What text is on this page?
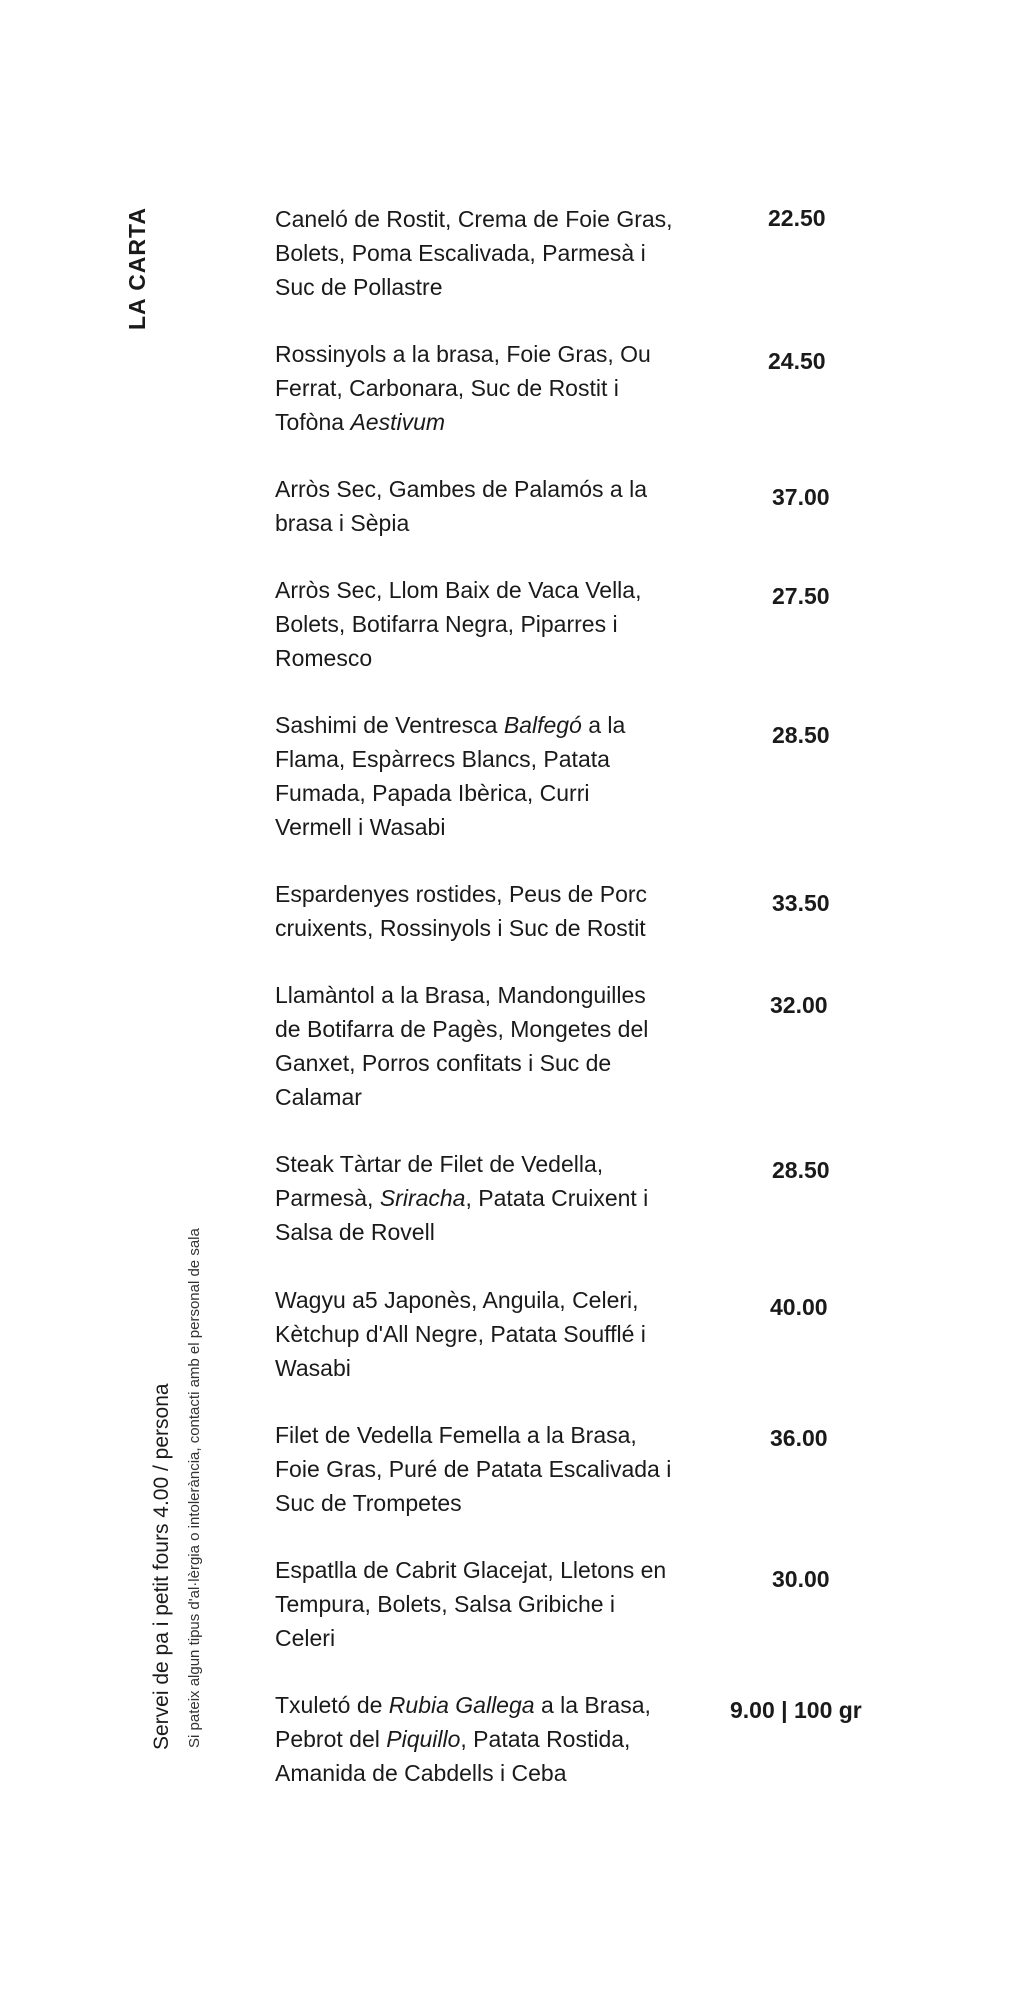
LA CARTA
Servei de pa i petit fours 4.00 / persona Si pateix algun tipus d'al·lèrgia o intolerància, contacti amb el personal de sala
Caneló de Rostit, Crema de Foie Gras,
Bolets, Poma Escalivada, Parmesà i
Suc de Pollastre
22.50
Rossinyols a la brasa, Foie Gras, Ou
Ferrat, Carbonara, Suc de Rostit i
Tofòna Aestivum
24.50
Arròs Sec, Gambes de Palamós a la
brasa i Sèpia
37.00
Arròs Sec, Llom Baix de Vaca Vella,
Bolets, Botifarra Negra, Piparres i
Romesco
27.50
Sashimi de Ventresca Balfegó a la
Flama, Espàrrecs Blancs, Patata
Fumada, Papada Ibèrica, Curri
Vermell i Wasabi
28.50
Espardenyes rostides, Peus de Porc
cruixents, Rossinyols i Suc de Rostit
33.50
Llamàntol a la Brasa, Mandonguilles
de Botifarra de Pagès, Mongetes del
Ganxet, Porros confitats i Suc de
Calamar
32.00
Steak Tàrtar de Filet de Vedella,
Parmesà, Sriracha, Patata Cruixent i
Salsa de Rovell
28.50
Wagyu a5 Japonès, Anguila, Celeri,
Kètchup d'All Negre, Patata Soufflé i
Wasabi
40.00
Filet de Vedella Femella a la Brasa,
Foie Gras, Puré de Patata Escalivada i
Suc de Trompetes
36.00
Espatlla de Cabrit Glacejat, Lletons en
Tempura, Bolets, Salsa Gribiche i
Celeri
30.00
Txuletó de Rubia Gallega a la Brasa,
Pebrot del Piquillo, Patata Rostida,
Amanida de Cabdells i Ceba
9.00 | 100 gr
